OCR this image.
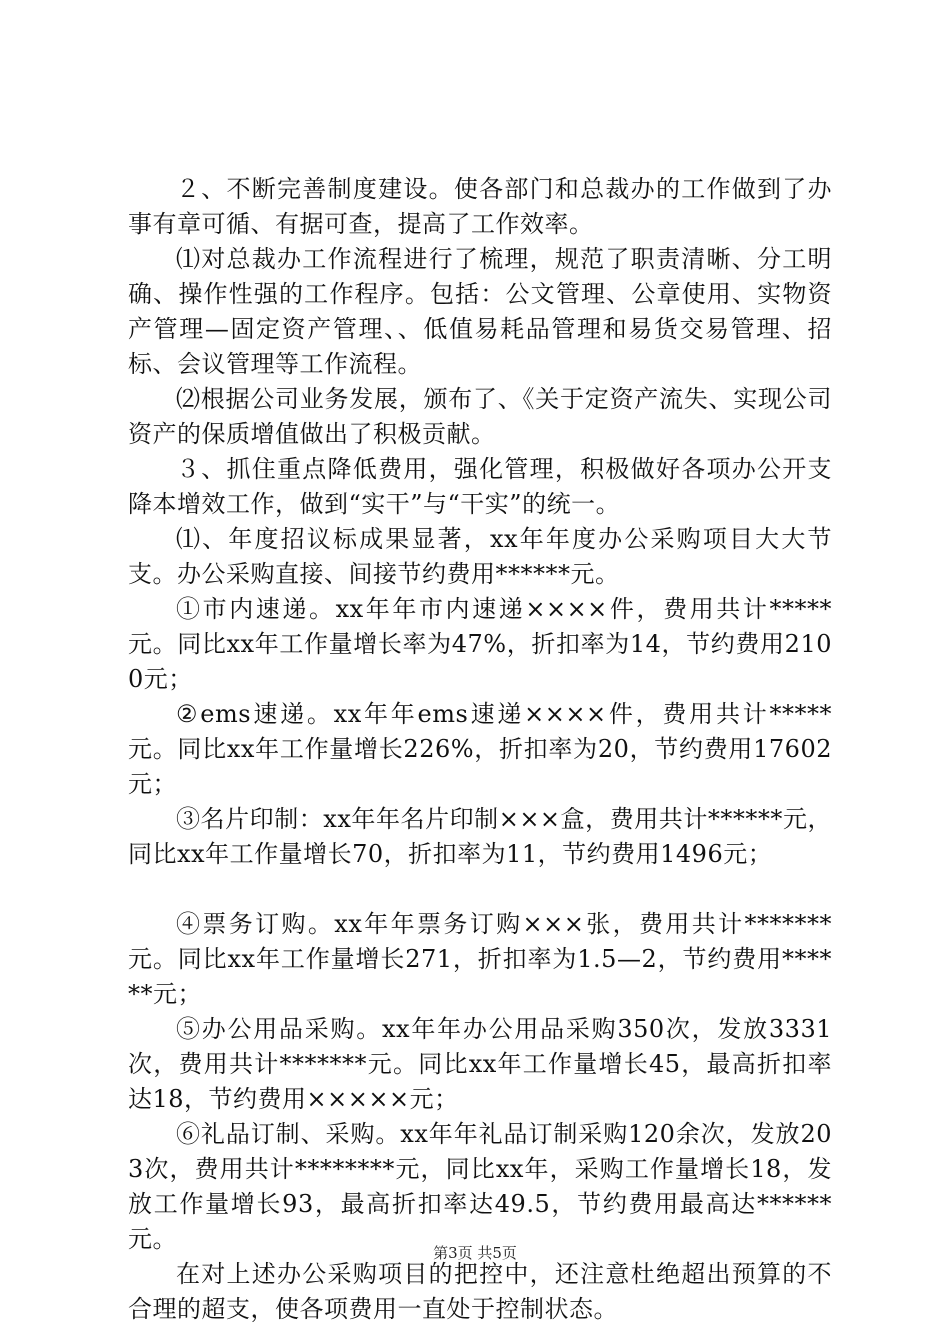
２、不断完善制度建设。使各部门和总裁办的工作做到了办事有章可循、有据可查，提高了工作效率。

⑴对总裁办工作流程进行了梳理，规范了职责清晰、分工明确、操作性强的工作程序。包括：公文管理、公章使用、实物资产管理—固定资产管理、、低值易耗品管理和易货交易管理、招标、会议管理等工作流程。

⑵根据公司业务发展，颁布了、《关于定资产流失、实现公司资产的保质增值做出了积极贡献。

３、抓住重点降低费用，强化管理，积极做好各项办公开支降本增效工作，做到“实干”与“干实”的统一。

⑴、年度招议标成果显著，xx年年度办公采购项目大大节支。办公采购直接、间接节约费用******元。

①市内速递。xx年年市内速递××××件，费用共计*****元。同比xx年工作量增长率为47%，折扣率为14，节约费用2100元；

②ems速递。xx年年ems速递××××件，费用共计*****元。同比xx年工作量增长226%，折扣率为20，节约费用17602元；

③名片印制：xx年年名片印制×××盒，费用共计******元，同比xx年工作量增长70，折扣率为11，节约费用1496元；

④票务订购。xx年年票务订购×××张，费用共计*******元。同比xx年工作量增长271，折扣率为1.5—2，节约费用******元；

⑤办公用品采购。xx年年办公用品采购350次，发放3331次，费用共计*******元。同比xx年工作量增长45，最高折扣率达18，节约费用×××××元；

⑥礼品订制、采购。xx年年礼品订制采购120余次，发放203次，费用共计********元，同比xx年，采购工作量增长18，发放工作量增长93，最高折扣率达49.5，节约费用最高达******元。

在对上述办公采购项目的把控中，还注意杜绝超出预算的不合理的超支，使各项费用一直处于控制状态。

第3页 共5页
